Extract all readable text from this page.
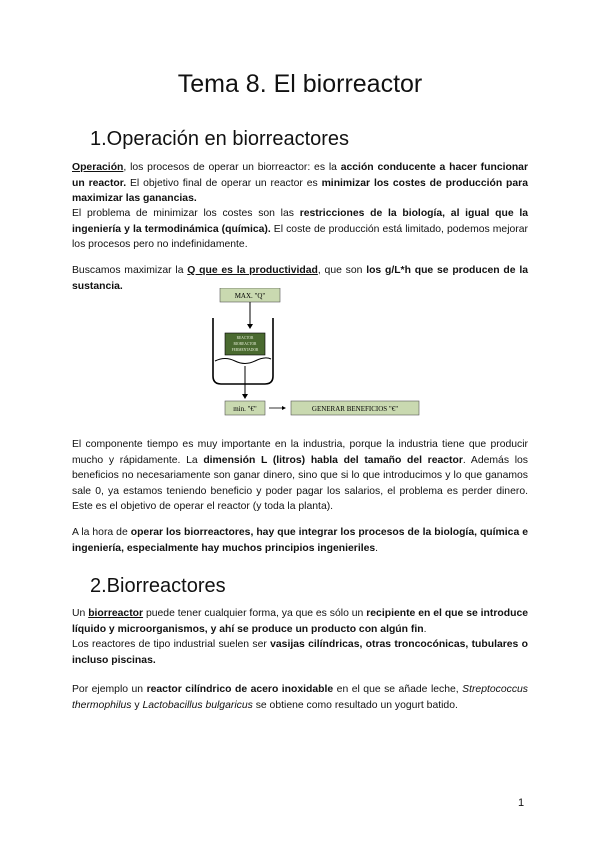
Tema 8. El biorreactor
1.Operación en biorreactores

Operación, los procesos de operar un biorreactor: es la acción conducente a hacer funcionar un reactor. El objetivo final de operar un reactor es minimizar los costes de producción para maximizar las ganancias.

El problema de minimizar los costes son las restricciones de la biología, al igual que la ingeniería y la termodinámica (química). El coste de producción está limitado, podemos mejorar los procesos pero no indefinidamente.

Buscamos maximizar la Q que es la productividad, que son los g/L*h que se producen de la sustancia.

MAX. "Q"
REACTOR
BIOREACTOR
FERMENTADOR
min. "€"	GENERAR BENEFICIOS "€"

El componente tiempo es muy importante en la industria, porque la industria tiene que producir mucho y rápidamente. La dimensión L (litros) habla del tamaño del reactor. Además los beneficios no necesariamente son ganar dinero, sino que si lo que introducimos y lo que ganamos sale 0, ya estamos teniendo beneficio y poder pagar los salarios, el problema es perder dinero. Este es el objetivo de operar el reactor (y toda la planta).

A la hora de operar los biorreactores, hay que integrar los procesos de la biología, química e ingeniería, especialmente hay muchos principios ingenieriles.

2.Biorreactores

Un biorreactor puede tener cualquier forma, ya que es sólo un recipiente en el que se introduce líquido y microorganismos, y ahí se produce un producto con algún fin.

Los reactores de tipo industrial suelen ser vasijas cilíndricas, otras troncocónicas, tubulares o incluso piscinas.

Por ejemplo un reactor cilíndrico de acero inoxidable en el que se añade leche, Streptococcus thermophilus y Lactobacillus bulgaricus se obtiene como resultado un yogurt batido.

1
